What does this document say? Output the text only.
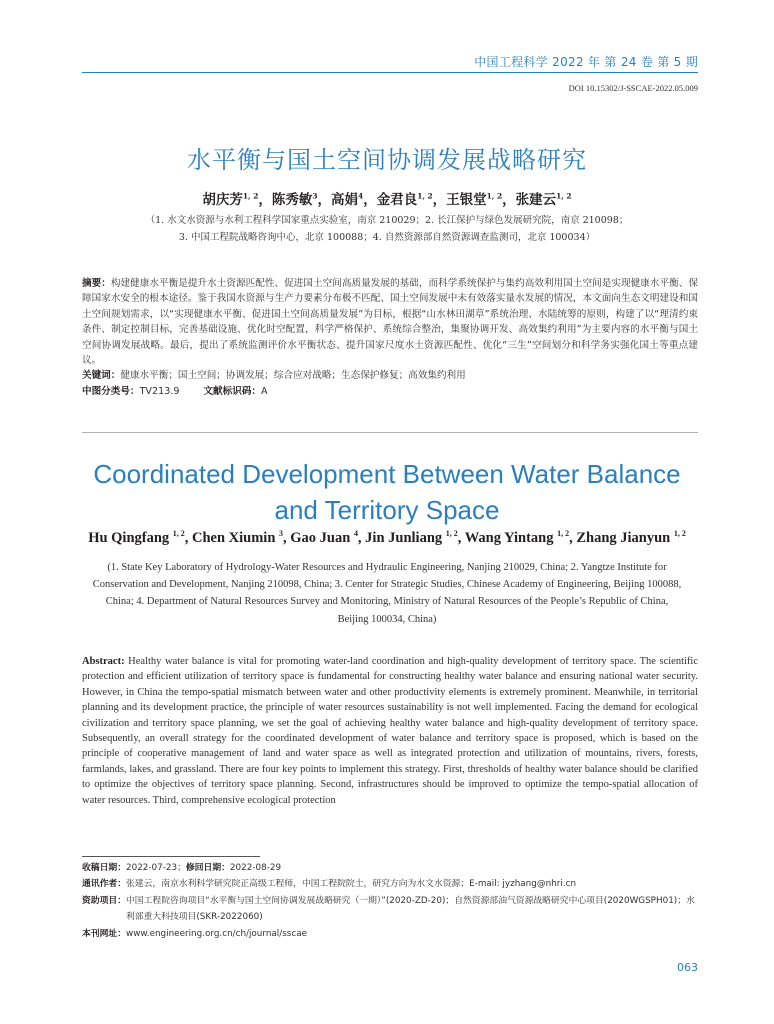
中国工程科学 2022 年 第 24 卷 第 5 期
DOI 10.15302/J-SSCAE-2022.05.009
水平衡与国土空间协调发展战略研究
胡庆芳$^{1, 2}$，陈秀敏$^3$，高娟$^4$，金君良$^{1, 2}$，王银堂$^{1, 2}$，张建云$^{1, 2}$
（1. 水文水资源与水利工程科学国家重点实验室，南京 210029；2. 长江保护与绿色发展研究院，南京 210098；
3. 中国工程院战略咨询中心，北京 100088；4. 自然资源部自然资源调查监测司，北京 100034）

摘要：构建健康水平衡是提升水土资源匹配性、促进国土空间高质量发展的基础，而科学系统保护与集约高效利用国土空间是实现健康水平衡、保障国家水安全的根本途径。鉴于我国水资源与生产力要素分布极不匹配、国土空间发展中未有效落实量水发展的情况，本文面向生态文明建设和国土空间规划需求，以“实现健康水平衡、促进国土空间高质量发展”为目标，根据“山水林田湖草”系统治理、水陆统筹的原则，构建了以“理清约束条件、制定控制目标，完善基础设施、优化时空配置，科学严格保护、系统综合整治，集聚协调开发、高效集约利用”为主要内容的水平衡与国土空间协调发展战略。最后，提出了系统监测评价水平衡状态、提升国家尺度水土资源匹配性、优化“三生”空间划分和科学务实强化国土等重点建议。

关键词：健康水平衡；国土空间；协调发展；综合应对战略；生态保护修复；高效集约利用

中图分类号：TV213.9	文献标识码：A

Coordinated Development Between Water Balance
and Territory Space
Hu Qingfang $^{1, 2}$, Chen Xiumin $^3$, Gao Juan $^4$, Jin Junliang $^{1, 2}$, Wang Yintang $^{1, 2}$, Zhang Jianyun $^{1, 2}$
(1. State Key Laboratory of Hydrology-Water Resources and Hydraulic Engineering, Nanjing 210029, China; 2. Yangtze Institute for Conservation and Development, Nanjing 210098, China; 3. Center for Strategic Studies, Chinese Academy of Engineering, Beijing 100088, China; 4. Department of Natural Resources Survey and Monitoring, Ministry of Natural Resources of the People’s Republic of China, Beijing 100034, China)
Abstract: Healthy water balance is vital for promoting water-land coordination and high-quality development of territory space. The scientific protection and efficient utilization of territory space is fundamental for constructing healthy water balance and ensuring national water security. However, in China the tempo-spatial mismatch between water and other productivity elements is extremely prominent. Meanwhile, in territorial planning and its development practice, the principle of water resources sustainability is not well implemented. Facing the demand for ecological civilization and territory space planning, we set the goal of achieving healthy water balance and high-quality development of territory space. Subsequently, an overall strategy for the coordinated development of water balance and territory space is proposed, which is based on the principle of cooperative management of land and water space as well as integrated protection and utilization of mountains, rivers, forests, farmlands, lakes, and grassland. There are four key points to implement this strategy. First, thresholds of healthy water balance should be clarified to optimize the objectives of territory space planning. Second, infrastructures should be improved to optimize the tempo-spatial allocation of water resources. Third, comprehensive ecological protection
收稿日期： 2022-07-23； 修回日期： 2022-08-29
通讯作者： 张建云，南京水利科学研究院正高级工程师，中国工程院院士，研究方向为水文水资源；E-mail: jyzhang@nhri.cn
资助项目： 中国工程院咨询项目“水平衡与国土空间协调发展战略研究（一期）”(2020-ZD-20)；自然资源部油气资源战略研究中心项目(2020WGSPH01)；水利部重大科技项目(SKR-2022060)
本刊网址： www.engineering.org.cn/ch/journal/sscae
063
